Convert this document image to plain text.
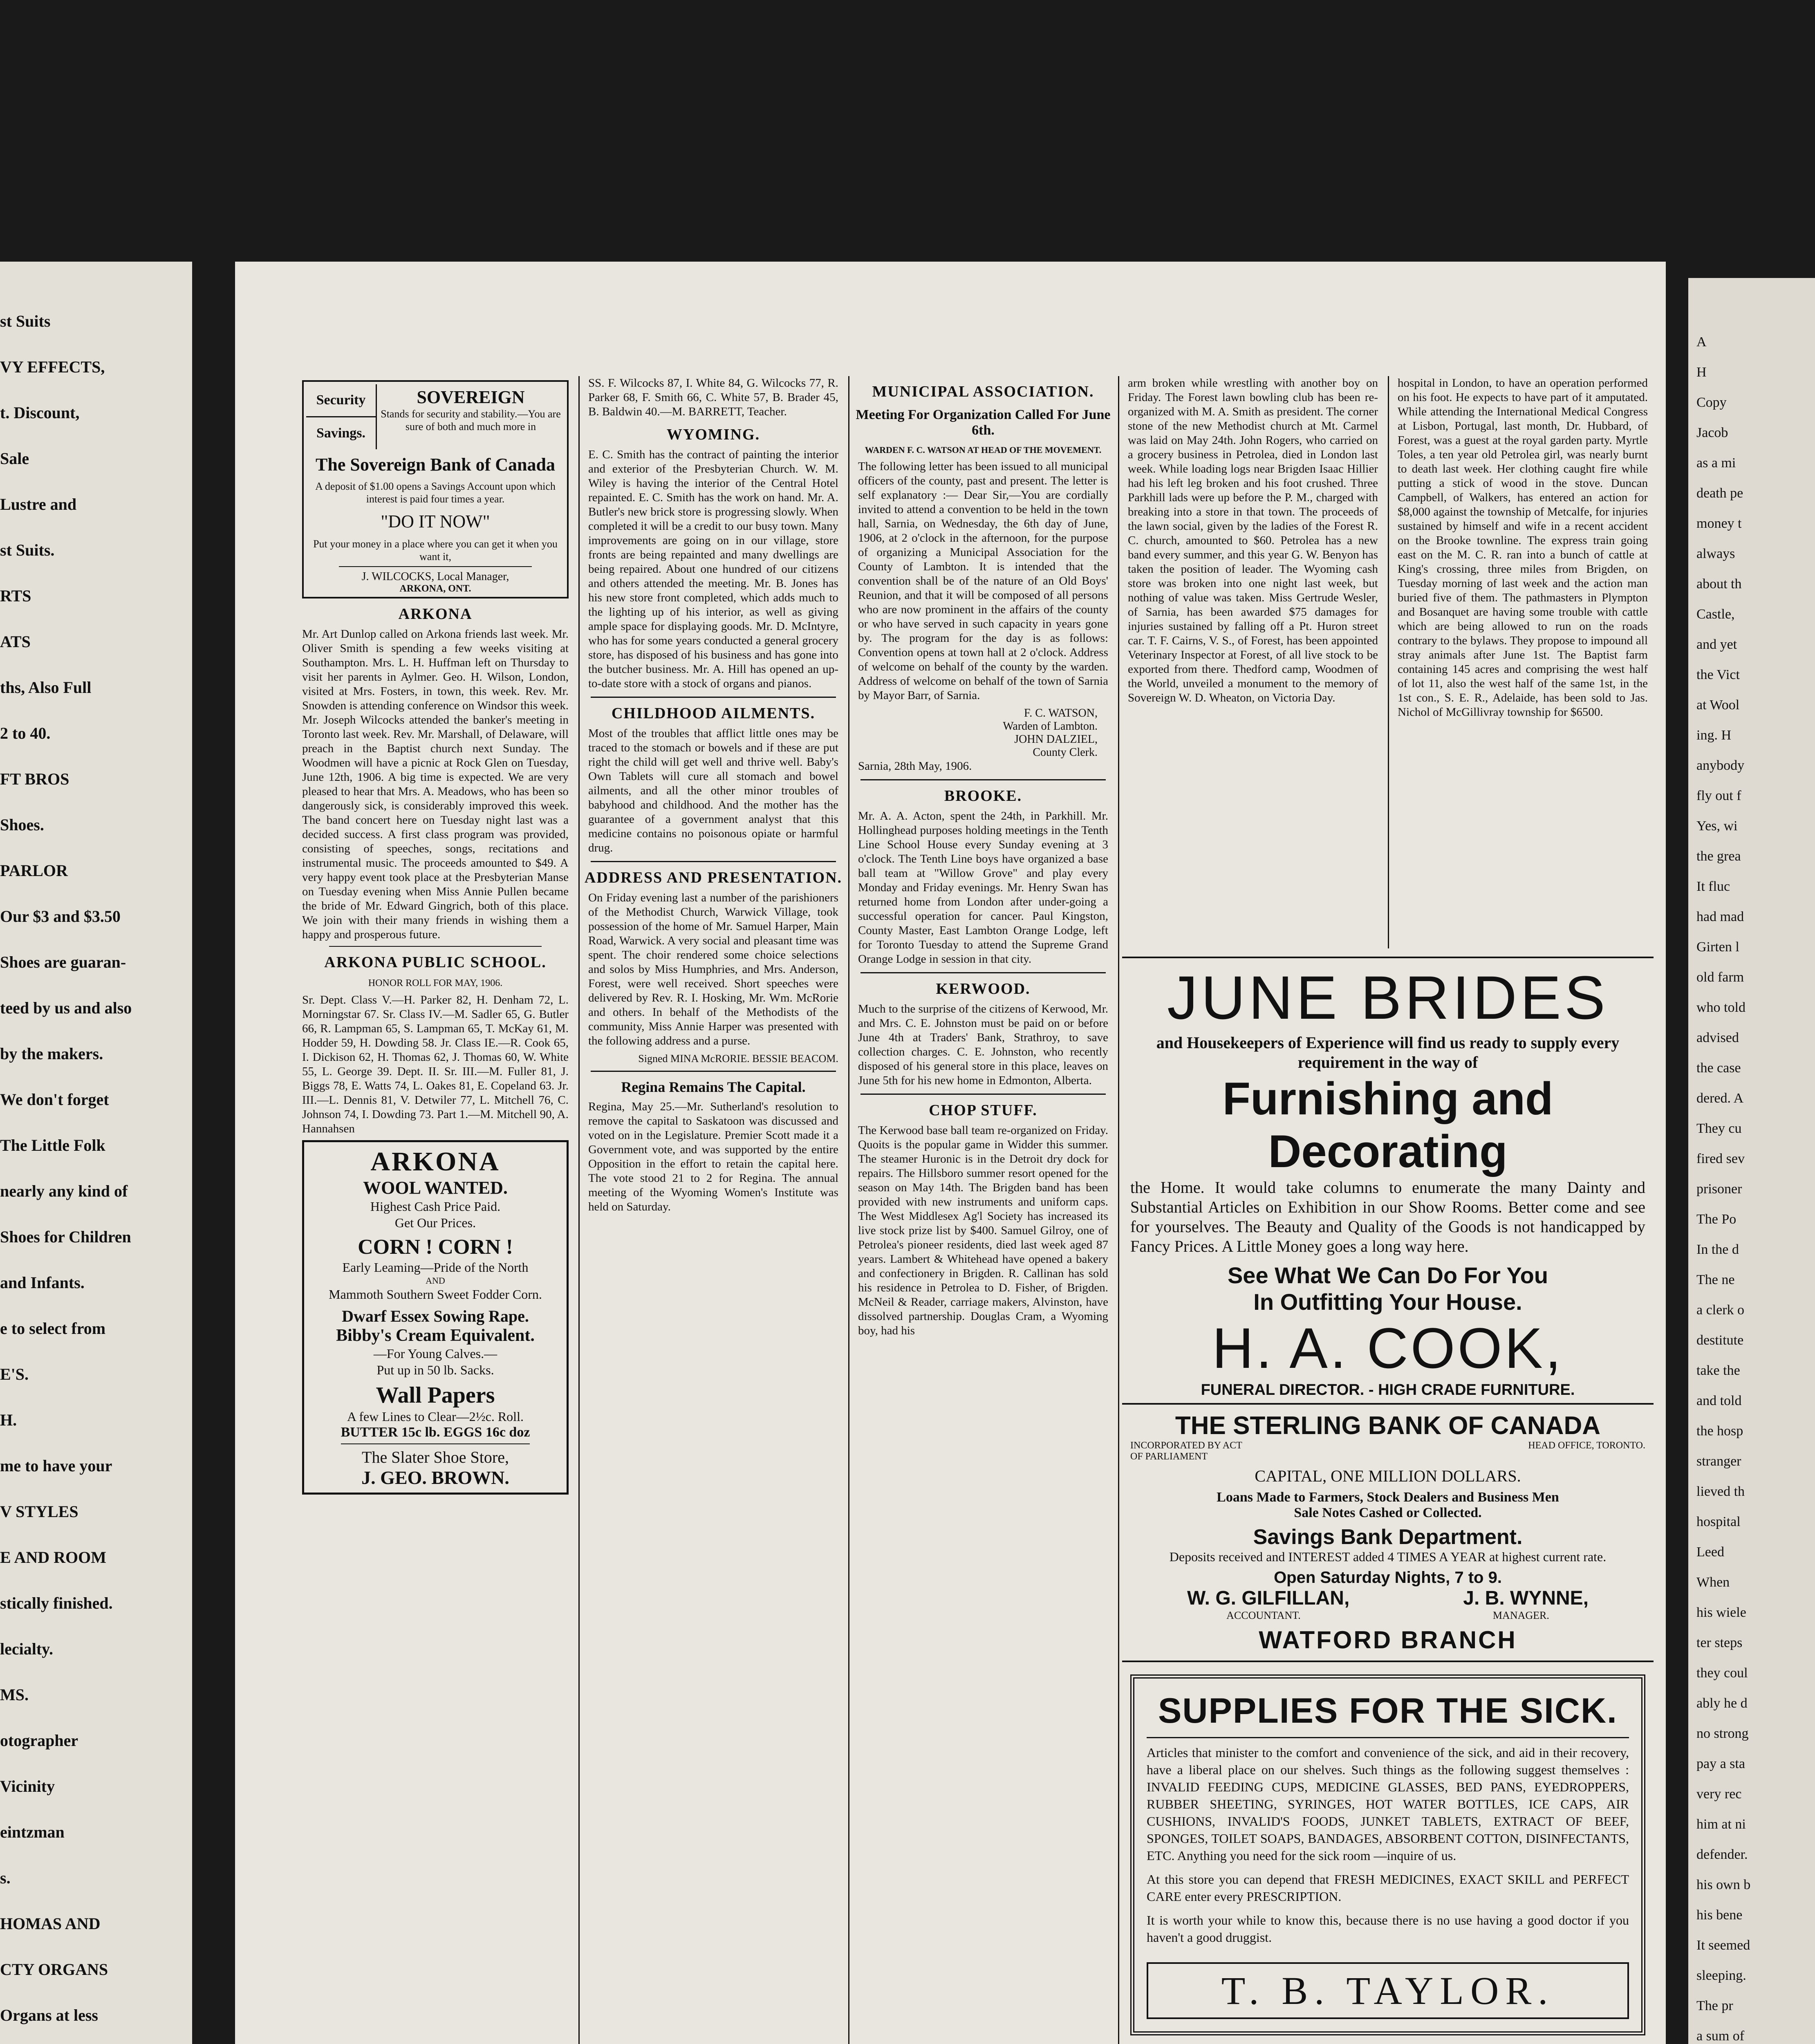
st Suits
VY EFFECTS,
t. Discount,
Sale
Lustre and
st Suits.
RTS
ATS
ths, Also Full
2 to 40.
FT BROS
Shoes.
PARLOR
Our $3 and $3.50
Shoes are guaran-
teed by us and also
by the makers.
We don't forget
The Little Folk
nearly any kind of
Shoes for Children
and Infants.
e to select from
E'S.
H.
me to have your
V STYLES
E AND ROOM
stically finished.
lecialty.
MS.
otographer
Vicinity
eintzman
s.
HOMAS AND
CTY ORGANS
Organs at less
Security
Savings.
SOVEREIGN
Stands for security and stability.—You are sure of both and much more in
The Sovereign Bank of Canada
A deposit of $1.00 opens a Savings Account upon which interest is paid four times a year.
"DO IT NOW"
Put your money in a place where you can get it when you want it,
J. WILCOCKS, Local Manager,
ARKONA, ONT.
ARKONA
Mr. Art Dunlop called on Arkona friends last week. Mr. Oliver Smith is spending a few weeks visiting at Southampton. Mrs. L. H. Huffman left on Thursday to visit her parents in Aylmer. Geo. H. Wilson, London, visited at Mrs. Fosters, in town, this week. Rev. Mr. Snowden is attending conference on Windsor this week. Mr. Joseph Wilcocks attended the banker's meeting in Toronto last week. Rev. Mr. Marshall, of Delaware, will preach in the Baptist church next Sunday. The Woodmen will have a picnic at Rock Glen on Tuesday, June 12th, 1906. A big time is expected. We are very pleased to hear that Mrs. A. Meadows, who has been so dangerously sick, is considerably improved this week. The band concert here on Tuesday night last was a decided success. A first class program was provided, consisting of speeches, songs, recitations and instrumental music. The proceeds amounted to $49. A very happy event took place at the Presbyterian Manse on Tuesday evening when Miss Annie Pullen became the bride of Mr. Edward Gingrich, both of this place. We join with their many friends in wishing them a happy and prosperous future.
ARKONA PUBLIC SCHOOL.
HONOR ROLL FOR MAY, 1906.
Sr. Dept. Class V.—H. Parker 82, H. Denham 72, L. Morningstar 67. Sr. Class IV.—M. Sadler 65, G. Butler 66, R. Lampman 65, S. Lampman 65, T. McKay 61, M. Hodder 59, H. Dowding 58. Jr. Class IE.—R. Cook 65, I. Dickison 62, H. Thomas 62, J. Thomas 60, W. White 55, L. George 39. Dept. II. Sr. III.—M. Fuller 81, J. Biggs 78, E. Watts 74, L. Oakes 81, E. Copeland 63. Jr. III.—L. Dennis 81, V. Detwiler 77, L. Mitchell 76, C. Johnson 74, I. Dowding 73. Part 1.—M. Mitchell 90, A. Hannahsen
ARKONA
WOOL WANTED.
Highest Cash Price Paid.
Get Our Prices.
CORN ! CORN !
Early Leaming—Pride of the North
AND
Mammoth Southern Sweet Fodder Corn.
Dwarf Essex Sowing Rape.
Bibby's Cream Equivalent.
—For Young Calves.—
Put up in 50 lb. Sacks.
Wall Papers
A few Lines to Clear—2½c. Roll.
BUTTER 15c lb. EGGS 16c doz
The Slater Shoe Store,
J. GEO. BROWN.
SS. F. Wilcocks 87, I. White 84, G. Wilcocks 77, R. Parker 68, F. Smith 66, C. White 57, B. Brader 45, B. Baldwin 40.—M. BARRETT, Teacher.
WYOMING.
E. C. Smith has the contract of painting the interior and exterior of the Presbyterian Church. W. M. Wiley is having the interior of the Central Hotel repainted. E. C. Smith has the work on hand. Mr. A. Butler's new brick store is progressing slowly. When completed it will be a credit to our busy town. Many improvements are going on in our village, store fronts are being repainted and many dwellings are being repaired. About one hundred of our citizens and others attended the meeting. Mr. B. Jones has his new store front completed, which adds much to the lighting up of his interior, as well as giving ample space for displaying goods. Mr. D. McIntyre, who has for some years conducted a general grocery store, has disposed of his business and has gone into the butcher business. Mr. A. Hill has opened an up-to-date store with a stock of organs and pianos.
CHILDHOOD AILMENTS.
Most of the troubles that afflict little ones may be traced to the stomach or bowels and if these are put right the child will get well and thrive well. Baby's Own Tablets will cure all stomach and bowel ailments, and all the other minor troubles of babyhood and childhood. And the mother has the guarantee of a government analyst that this medicine contains no poisonous opiate or harmful drug.
ADDRESS AND PRESENTATION.
On Friday evening last a number of the parishioners of the Methodist Church, Warwick Village, took possession of the home of Mr. Samuel Harper, Main Road, Warwick. A very social and pleasant time was spent. The choir rendered some choice selections and solos by Miss Humphries, and Mrs. Anderson, Forest, were well received. Short speeches were delivered by Rev. R. I. Hosking, Mr. Wm. McRorie and others. In behalf of the Methodists of the community, Miss Annie Harper was presented with the following address and a purse.
Signed MINA McRORIE. BESSIE BEACOM.
Regina Remains The Capital.
Regina, May 25.—Mr. Sutherland's resolution to remove the capital to Saskatoon was discussed and voted on in the Legislature. Premier Scott made it a Government vote, and was supported by the entire Opposition in the effort to retain the capital here. The vote stood 21 to 2 for Regina. The annual meeting of the Wyoming Women's Institute was held on Saturday.
MUNICIPAL ASSOCIATION.
Meeting For Organization Called For June 6th.
WARDEN F. C. WATSON AT HEAD OF THE MOVEMENT.
The following letter has been issued to all municipal officers of the county, past and present. The letter is self explanatory :— Dear Sir,—You are cordially invited to attend a convention to be held in the town hall, Sarnia, on Wednesday, the 6th day of June, 1906, at 2 o'clock in the afternoon, for the purpose of organizing a Municipal Association for the County of Lambton. It is intended that the convention shall be of the nature of an Old Boys' Reunion, and that it will be composed of all persons who are now prominent in the affairs of the county or who have served in such capacity in years gone by. The program for the day is as follows: Convention opens at town hall at 2 o'clock. Address of welcome on behalf of the county by the warden. Address of welcome on behalf of the town of Sarnia by Mayor Barr, of Sarnia.
F. C. WATSON,
Warden of Lambton.
JOHN DALZIEL,
County Clerk.
Sarnia, 28th May, 1906.
BROOKE.
Mr. A. A. Acton, spent the 24th, in Parkhill. Mr. Hollinghead purposes holding meetings in the Tenth Line School House every Sunday evening at 3 o'clock. The Tenth Line boys have organized a base ball team at "Willow Grove" and play every Monday and Friday evenings. Mr. Henry Swan has returned home from London after under-going a successful operation for cancer. Paul Kingston, County Master, East Lambton Orange Lodge, left for Toronto Tuesday to attend the Supreme Grand Orange Lodge in session in that city.
KERWOOD.
Much to the surprise of the citizens of Kerwood, Mr. and Mrs. C. E. Johnston must be paid on or before June 4th at Traders' Bank, Strathroy, to save collection charges. C. E. Johnston, who recently disposed of his general store in this place, leaves on June 5th for his new home in Edmonton, Alberta.
CHOP STUFF.
The Kerwood base ball team re-organized on Friday. Quoits is the popular game in Widder this summer. The steamer Huronic is in the Detroit dry dock for repairs. The Hillsboro summer resort opened for the season on May 14th. The Brigden band has been provided with new instruments and uniform caps. The West Middlesex Ag'l Society has increased its live stock prize list by $400. Samuel Gilroy, one of Petrolea's pioneer residents, died last week aged 87 years. Lambert & Whitehead have opened a bakery and confectionery in Brigden. R. Callinan has sold his residence in Petrolea to D. Fisher, of Brigden. McNeil & Reader, carriage makers, Alvinston, have dissolved partnership. Douglas Cram, a Wyoming boy, had his
arm broken while wrestling with another boy on Friday. The Forest lawn bowling club has been re-organized with M. A. Smith as president. The corner stone of the new Methodist church at Mt. Carmel was laid on May 24th. John Rogers, who carried on a grocery business in Petrolea, died in London last week. While loading logs near Brigden Isaac Hillier had his left leg broken and his foot crushed. Three Parkhill lads were up before the P. M., charged with breaking into a store in that town. The proceeds of the lawn social, given by the ladies of the Forest R. C. church, amounted to $60. Petrolea has a new band every summer, and this year G. W. Benyon has taken the position of leader. The Wyoming cash store was broken into one night last week, but nothing of value was taken. Miss Gertrude Wesler, of Sarnia, has been awarded $75 damages for injuries sustained by falling off a Pt. Huron street car. T. F. Cairns, V. S., of Forest, has been appointed Veterinary Inspector at Forest, of all live stock to be exported from there. Thedford camp, Woodmen of the World, unveiled a monument to the memory of Sovereign W. D. Wheaton, on Victoria Day.
hospital in London, to have an operation performed on his foot. He expects to have part of it amputated. While attending the International Medical Congress at Lisbon, Portugal, last month, Dr. Hubbard, of Forest, was a guest at the royal garden party. Myrtle Toles, a ten year old Petrolea girl, was nearly burnt to death last week. Her clothing caught fire while putting a stick of wood in the stove. Duncan Campbell, of Walkers, has entered an action for $8,000 against the township of Metcalfe, for injuries sustained by himself and wife in a recent accident on the Brooke townline. The express train going east on the M. C. R. ran into a bunch of cattle at King's crossing, three miles from Brigden, on Tuesday morning of last week and the action man buried five of them. The pathmasters in Plympton and Bosanquet are having some trouble with cattle which are being allowed to run on the roads contrary to the bylaws. They propose to impound all stray animals after June 1st. The Baptist farm containing 145 acres and comprising the west half of lot 11, also the west half of the same 1st, in the 1st con., S. E. R., Adelaide, has been sold to Jas. Nichol of McGillivray township for $6500.
JUNE BRIDES
and Housekeepers of Experience will find us ready to supply every requirement in the way of
Furnishing and Decorating
the Home. It would take columns to enumerate the many Dainty and Substantial Articles on Exhibition in our Show Rooms. Better come and see for yourselves. The Beauty and Quality of the Goods is not handicapped by Fancy Prices. A Little Money goes a long way here.
See What We Can Do For You
In Outfitting Your House.
H. A. COOK,
FUNERAL DIRECTOR. - HIGH CRADE FURNITURE.
THE STERLING BANK OF CANADA
INCORPORATED BY ACT OF PARLIAMENT
HEAD OFFICE, TORONTO.
CAPITAL, ONE MILLION DOLLARS.
Loans Made to Farmers, Stock Dealers and Business Men
Sale Notes Cashed or Collected.
Savings Bank Department.
Deposits received and INTEREST added 4 TIMES A YEAR at highest current rate.
Open Saturday Nights, 7 to 9.
W. G. GILFILLAN,	J. B. WYNNE,
ACCOUNTANT.	MANAGER.
WATFORD BRANCH
SUPPLIES FOR THE SICK.
Articles that minister to the comfort and convenience of the sick, and aid in their recovery, have a liberal place on our shelves. Such things as the following suggest themselves : INVALID FEEDING CUPS, MEDICINE GLASSES, BED PANS, EYEDROPPERS, RUBBER SHEETING, SYRINGES, HOT WATER BOTTLES, ICE CAPS, AIR CUSHIONS, INVALID'S FOODS, JUNKET TABLETS, EXTRACT OF BEEF, SPONGES, TOILET SOAPS, BANDAGES, ABSORBENT COTTON, DISINFECTANTS, ETC. Anything you need for the sick room —inquire of us.
At this store you can depend that FRESH MEDICINES, EXACT SKILL and PERFECT CARE enter every PRESCRIPTION.
It is worth your while to know this, because there is no use having a good doctor if you haven't a good druggist.
T. B. TAYLOR.
A
H
Copy
Jacob
as a mi
death pe
money t
always
about th
Castle,
and yet
the Vict
at Wool
ing. H
anybody
fly out f
Yes, wi
the grea
It fluc
had mad
Girten l
old farm
who told
advised
the case
dered. A
They cu
fired sev
prisoner
The Po
In the d
The ne
a clerk o
destitute
take the
and told
the hosp
stranger
lieved th
hospital
Leed
When
his wiele
ter steps
they coul
ably he d
no strong
pay a sta
very rec
him at ni
defender.
his own b
his bene
It seemed
sleeping.
The pr
a sum of
